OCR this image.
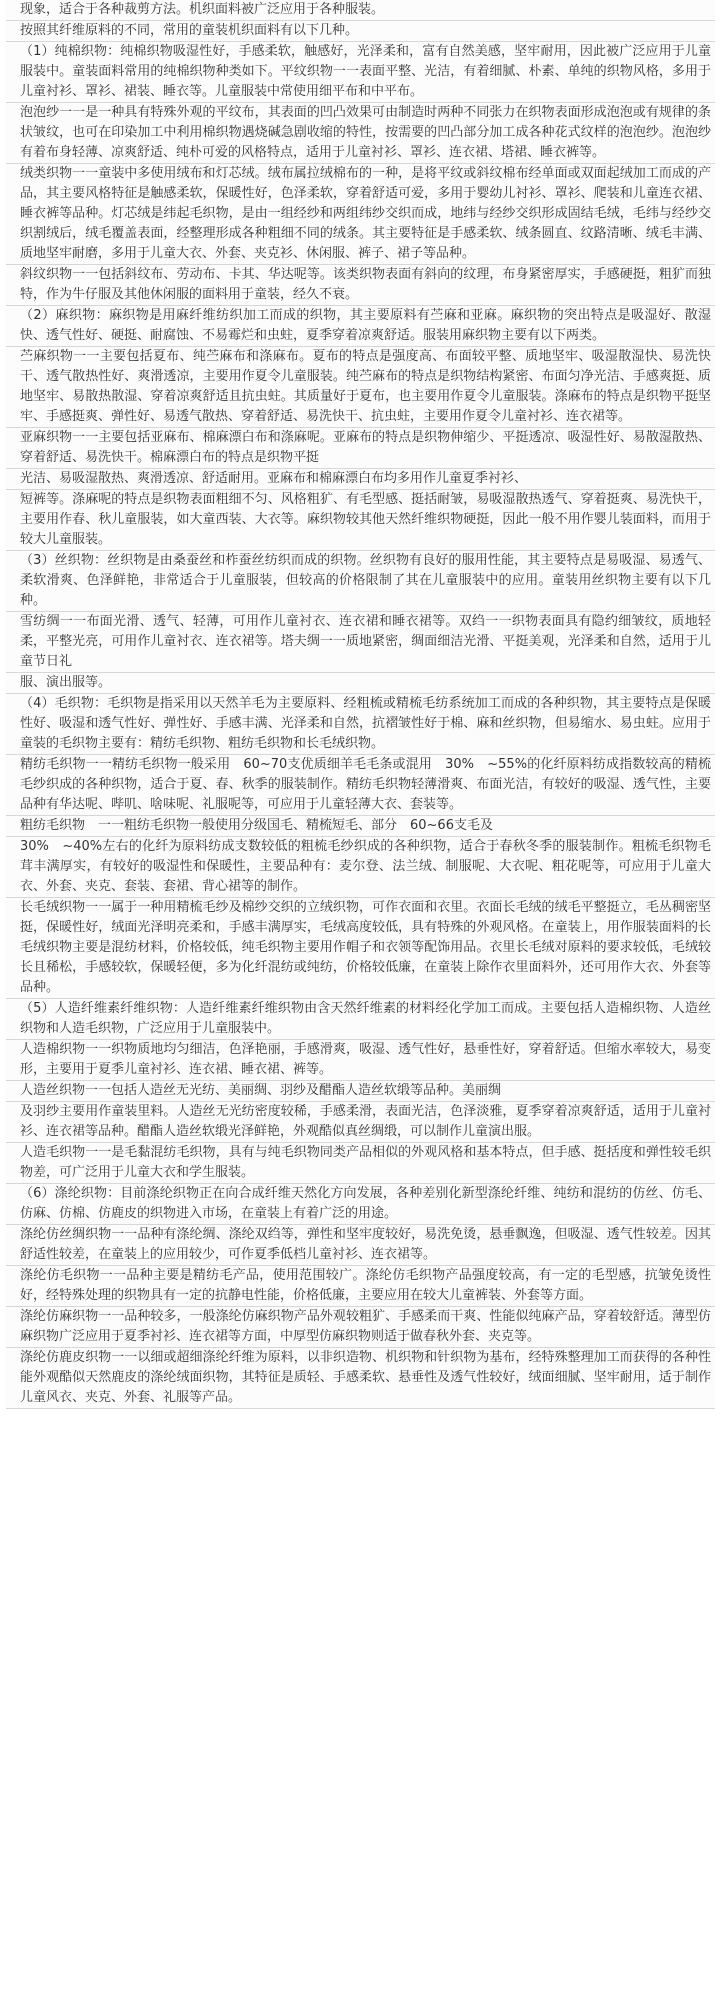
现象，适合于各种裁剪方法。机织面料被广泛应用于各种服装。

按照其纤维原料的不同，常用的童装机织面料有以下几种。

（1）纯棉织物：纯棉织物吸湿性好，手感柔软，触感好，光泽柔和，富有自然美感，坚牢耐用，因此被广泛应用于儿童服装中。童装面料常用的纯棉织物种类如下。平纹织物一一表面平整、光洁，有着细腻、朴素、单纯的织物风格，多用于儿童衬衫、罩衫、裙装、睡衣等。儿童服装中常使用细平布和中平布。

泡泡纱一一是一种具有特殊外观的平纹布，其表面的凹凸效果可由制造时两种不同张力在织物表面形成泡泡或有规律的条状皱纹，也可在印染加工中利用棉织物遇烧碱急剧收缩的特性，按需要的凹凸部分加工成各种花式纹样的泡泡纱。泡泡纱有着布身轻薄、凉爽舒适、纯朴可爱的风格特点，适用于儿童衬衫、罩衫、连衣裙、塔裙、睡衣裤等。

绒类织物一一童装中多使用绒布和灯芯绒。绒布属拉绒棉布的一种，是将平纹或斜纹棉布经单面或双面起绒加工而成的产品，其主要风格特征是触感柔软，保暖性好，色泽柔软，穿着舒适可爱，多用于婴幼儿衬衫、罩衫、爬装和儿童连衣裙、睡衣裤等品种。灯芯绒是纬起毛织物，是由一组经纱和两组纬纱交织而成，地纬与经纱交织形成固结毛绒，毛纬与经纱交织割绒后，绒毛覆盖表面，经整理形成各种粗细不同的绒条。其主要特征是手感柔软、绒条圆直、纹路清晰、绒毛丰满、质地坚牢耐磨，多用于儿童大衣、外套、夹克衫、休闲服、裤子、裙子等品种。

斜纹织物一一包括斜纹布、劳动布、卡其、华达呢等。该类织物表面有斜向的纹理，布身紧密厚实，手感硬挺，粗犷而独特，作为牛仔服及其他休闲服的面料用于童装，经久不衰。

（2）麻织物：麻织物是用麻纤维纺织加工而成的织物，其主要原料有苎麻和亚麻。麻织物的突出特点是吸湿好、散湿快、透气性好、硬挺、耐腐蚀、不易霉烂和虫蛀，夏季穿着凉爽舒适。服装用麻织物主要有以下两类。

苎麻织物一一主要包括夏布、纯苎麻布和涤麻布。夏布的特点是强度高、布面较平整、质地坚牢、吸湿散湿快、易洗快干、透气散热性好、爽滑透凉，主要用作夏令儿童服装。纯苎麻布的特点是织物结构紧密、布面匀净光洁、手感爽挺、质地坚牢、易散热散湿、穿着凉爽舒适且抗虫蛀。其质量好于夏布，也主要用作夏令儿童服装。涤麻布的特点是织物平挺坚牢、手感挺爽、弹性好、易透气散热、穿着舒适、易洗快干、抗虫蛀，主要用作夏令儿童衬衫、连衣裙等。

亚麻织物一一主要包括亚麻布、棉麻漂白布和涤麻呢。亚麻布的特点是织物伸缩少、平挺透凉、吸湿性好、易散湿散热、穿着舒适、易洗快干。棉麻漂白布的特点是织物平挺

光洁、易吸湿散热、爽滑透凉、舒适耐用。亚麻布和棉麻漂白布均多用作儿童夏季衬衫、

短裤等。涤麻呢的特点是织物表面粗细不匀、风格粗犷、有毛型感、挺括耐皱，易吸湿散热透气、穿着挺爽、易洗快干，主要用作春、秋儿童服装，如大童西装、大衣等。麻织物较其他天然纤维织物硬挺，因此一般不用作婴儿装面料，而用于较大儿童服装。

（3）丝织物：丝织物是由桑蚕丝和柞蚕丝纺织而成的织物。丝织物有良好的服用性能，其主要特点是易吸湿、易透气、柔软滑爽、色泽鲜艳，非常适合于儿童服装，但较高的价格限制了其在儿童服装中的应用。童装用丝织物主要有以下几种。

雪纺绸一一布面光滑、透气、轻薄，可用作儿童衬衣、连衣裙和睡衣裙等。双绉一一织物表面具有隐约细皱纹，质地轻柔，平整光亮，可用作儿童衬衣、连衣裙等。塔夫绸一一质地紧密，绸面细洁光滑、平挺美观，光泽柔和自然，适用于儿童节日礼

服、演出服等。

（4）毛织物：毛织物是指采用以天然羊毛为主要原料、经粗梳或精梳毛纺系统加工而成的各种织物，其主要特点是保暖性好、吸湿和透气性好、弹性好、手感丰满、光泽柔和自然，抗褶皱性好于棉、麻和丝织物，但易缩水、易虫蛀。应用于童装的毛织物主要有：精纺毛织物、粗纺毛织物和长毛绒织物。

精纺毛织物一一精纺毛织物一般采用　60~70支优质细羊毛毛条或混用　30%　~55%的化纤原料纺成指数较高的精梳毛纱织成的各种织物，适合于夏、春、秋季的服装制作。精纺毛织物轻薄滑爽、布面光洁，有较好的吸湿、透气性，主要品种有华达呢、哔叽、啥味呢、礼服呢等，可应用于儿童轻薄大衣、套装等。

粗纺毛织物　一一粗纺毛织物一般使用分级国毛、精梳短毛、部分　60~66支毛及

30%　~40%左右的化纤为原料纺成支数较低的粗梳毛纱织成的各种织物，适合于春秋冬季的服装制作。粗梳毛织物毛茸丰满厚实，有较好的吸湿性和保暖性，主要品种有：麦尔登、法兰绒、制服呢、大衣呢、粗花呢等，可应用于儿童大衣、外套、夹克、套装、套裙、背心裙等的制作。

长毛绒织物一一属于一种用精梳毛纱及棉纱交织的立绒织物，可作衣面和衣里。衣面长毛绒的绒毛平整挺立，毛丛稠密坚挺，保暖性好，绒面光泽明亮柔和，手感丰满厚实，毛绒高度较低，具有特殊的外观风格。在童装上，用作服装面料的长毛绒织物主要是混纺材料，价格较低，纯毛织物主要用作帽子和衣领等配饰用品。衣里长毛绒对原料的要求较低，毛绒较长且稀松，手感较软，保暖轻便，多为化纤混纺或纯纺，价格较低廉，在童装上除作衣里面料外，还可用作大衣、外套等品种。

（5）人造纤维素纤维织物：人造纤维素纤维织物由含天然纤维素的材料经化学加工而成。主要包括人造棉织物、人造丝织物和人造毛织物，广泛应用于儿童服装中。

人造棉织物一一织物质地均匀细洁，色泽艳丽，手感滑爽，吸湿、透气性好，悬垂性好，穿着舒适。但缩水率较大，易变形，主要用于夏季儿童衬衫、连衣裙、睡衣裙、裤等。

人造丝织物一一包括人造丝无光纺、美丽绸、羽纱及醋酯人造丝软缎等品种。美丽绸

及羽纱主要用作童装里料。人造丝无光纺密度较稀，手感柔滑，表面光洁，色泽淡雅，夏季穿着凉爽舒适，适用于儿童衬衫、连衣裙等品种。醋酯人造丝软缎光泽鲜艳，外观酷似真丝绸缎，可以制作儿童演出服。

人造毛织物一一是毛黏混纺毛织物，具有与纯毛织物同类产品相似的外观风格和基本特点，但手感、挺括度和弹性较毛织物差，可广泛用于儿童大衣和学生服装。

（6）涤纶织物：目前涤纶织物正在向合成纤维天然化方向发展，各种差别化新型涤纶纤维、纯纺和混纺的仿丝、仿毛、仿麻、仿棉、仿鹿皮的织物进入市场，在童装上有着广泛的用途。

涤纶仿丝绸织物一一品种有涤纶绸、涤纶双绉等，弹性和坚牢度较好，易洗免烫，悬垂飘逸，但吸湿、透气性较差。因其舒适性较差，在童装上的应用较少，可作夏季低档儿童衬衫、连衣裙等。

涤纶仿毛织物一一品种主要是精纺毛产品，使用范围较广。涤纶仿毛织物产品强度较高，有一定的毛型感，抗皱免烫性好，经特殊处理的织物具有一定的抗静电性能，价格低廉，主要应用在较大儿童裤装、外套等方面。

涤纶仿麻织物一一品种较多，一般涤纶仿麻织物产品外观较粗犷、手感柔而干爽、性能似纯麻产品，穿着较舒适。薄型仿麻织物广泛应用于夏季衬衫、连衣裙等方面，中厚型仿麻织物则适于做春秋外套、夹克等。

涤纶仿鹿皮织物一一以细或超细涤纶纤维为原料，以非织造物、机织物和针织物为基布，经特殊整理加工而获得的各种性能外观酷似天然鹿皮的涤纶绒面织物，其特征是质轻、手感柔软、悬垂性及透气性较好，绒面细腻、坚牢耐用，适于制作儿童风衣、夹克、外套、礼服等产品。
